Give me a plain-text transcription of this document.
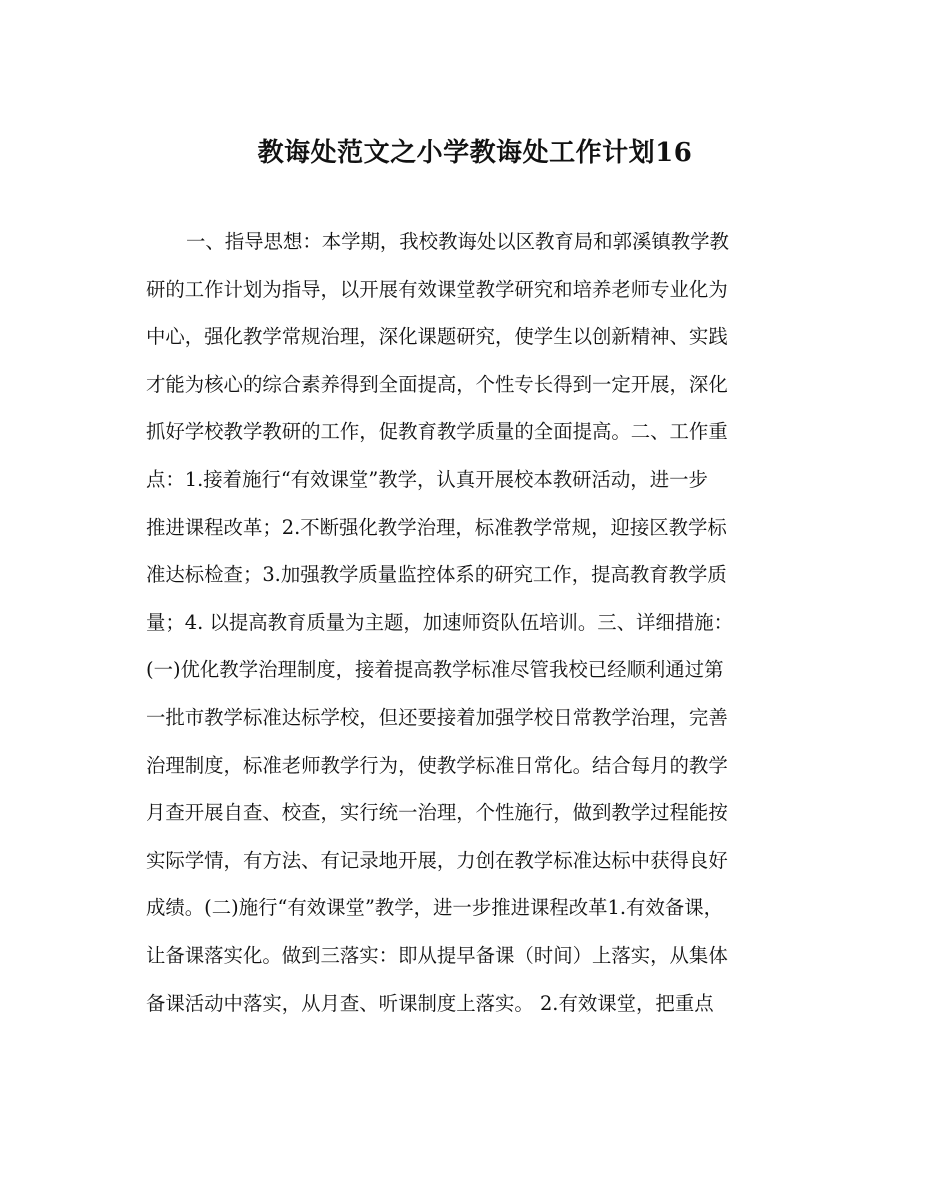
教诲处范文之小学教诲处工作计划16
一、指导思想：本学期，我校教诲处以区教育局和郭溪镇教学教
研的工作计划为指导，以开展有效课堂教学研究和培养老师专业化为
中心，强化教学常规治理，深化课题研究，使学生以创新精神、实践
才能为核心的综合素养得到全面提高，个性专长得到一定开展，深化
抓好学校教学教研的工作，促教育教学质量的全面提高。二、工作重
点：1.接着施行“有效课堂”教学，认真开展校本教研活动，进一步
推进课程改革；2.不断强化教学治理，标准教学常规，迎接区教学标
准达标检查；3.加强教学质量监控体系的研究工作，提高教育教学质
量；4. 以提高教育质量为主题，加速师资队伍培训。三、详细措施：
(一)优化教学治理制度，接着提高教学标准尽管我校已经顺利通过第
一批市教学标准达标学校，但还要接着加强学校日常教学治理，完善
治理制度，标准老师教学行为，使教学标准日常化。结合每月的教学
月查开展自查、校查，实行统一治理，个性施行，做到教学过程能按
实际学情，有方法、有记录地开展，力创在教学标准达标中获得良好
成绩。(二)施行“有效课堂”教学，进一步推进课程改革1.有效备课，
让备课落实化。做到三落实：即从提早备课（时间）上落实，从集体
备课活动中落实，从月查、听课制度上落实。 2.有效课堂，把重点
